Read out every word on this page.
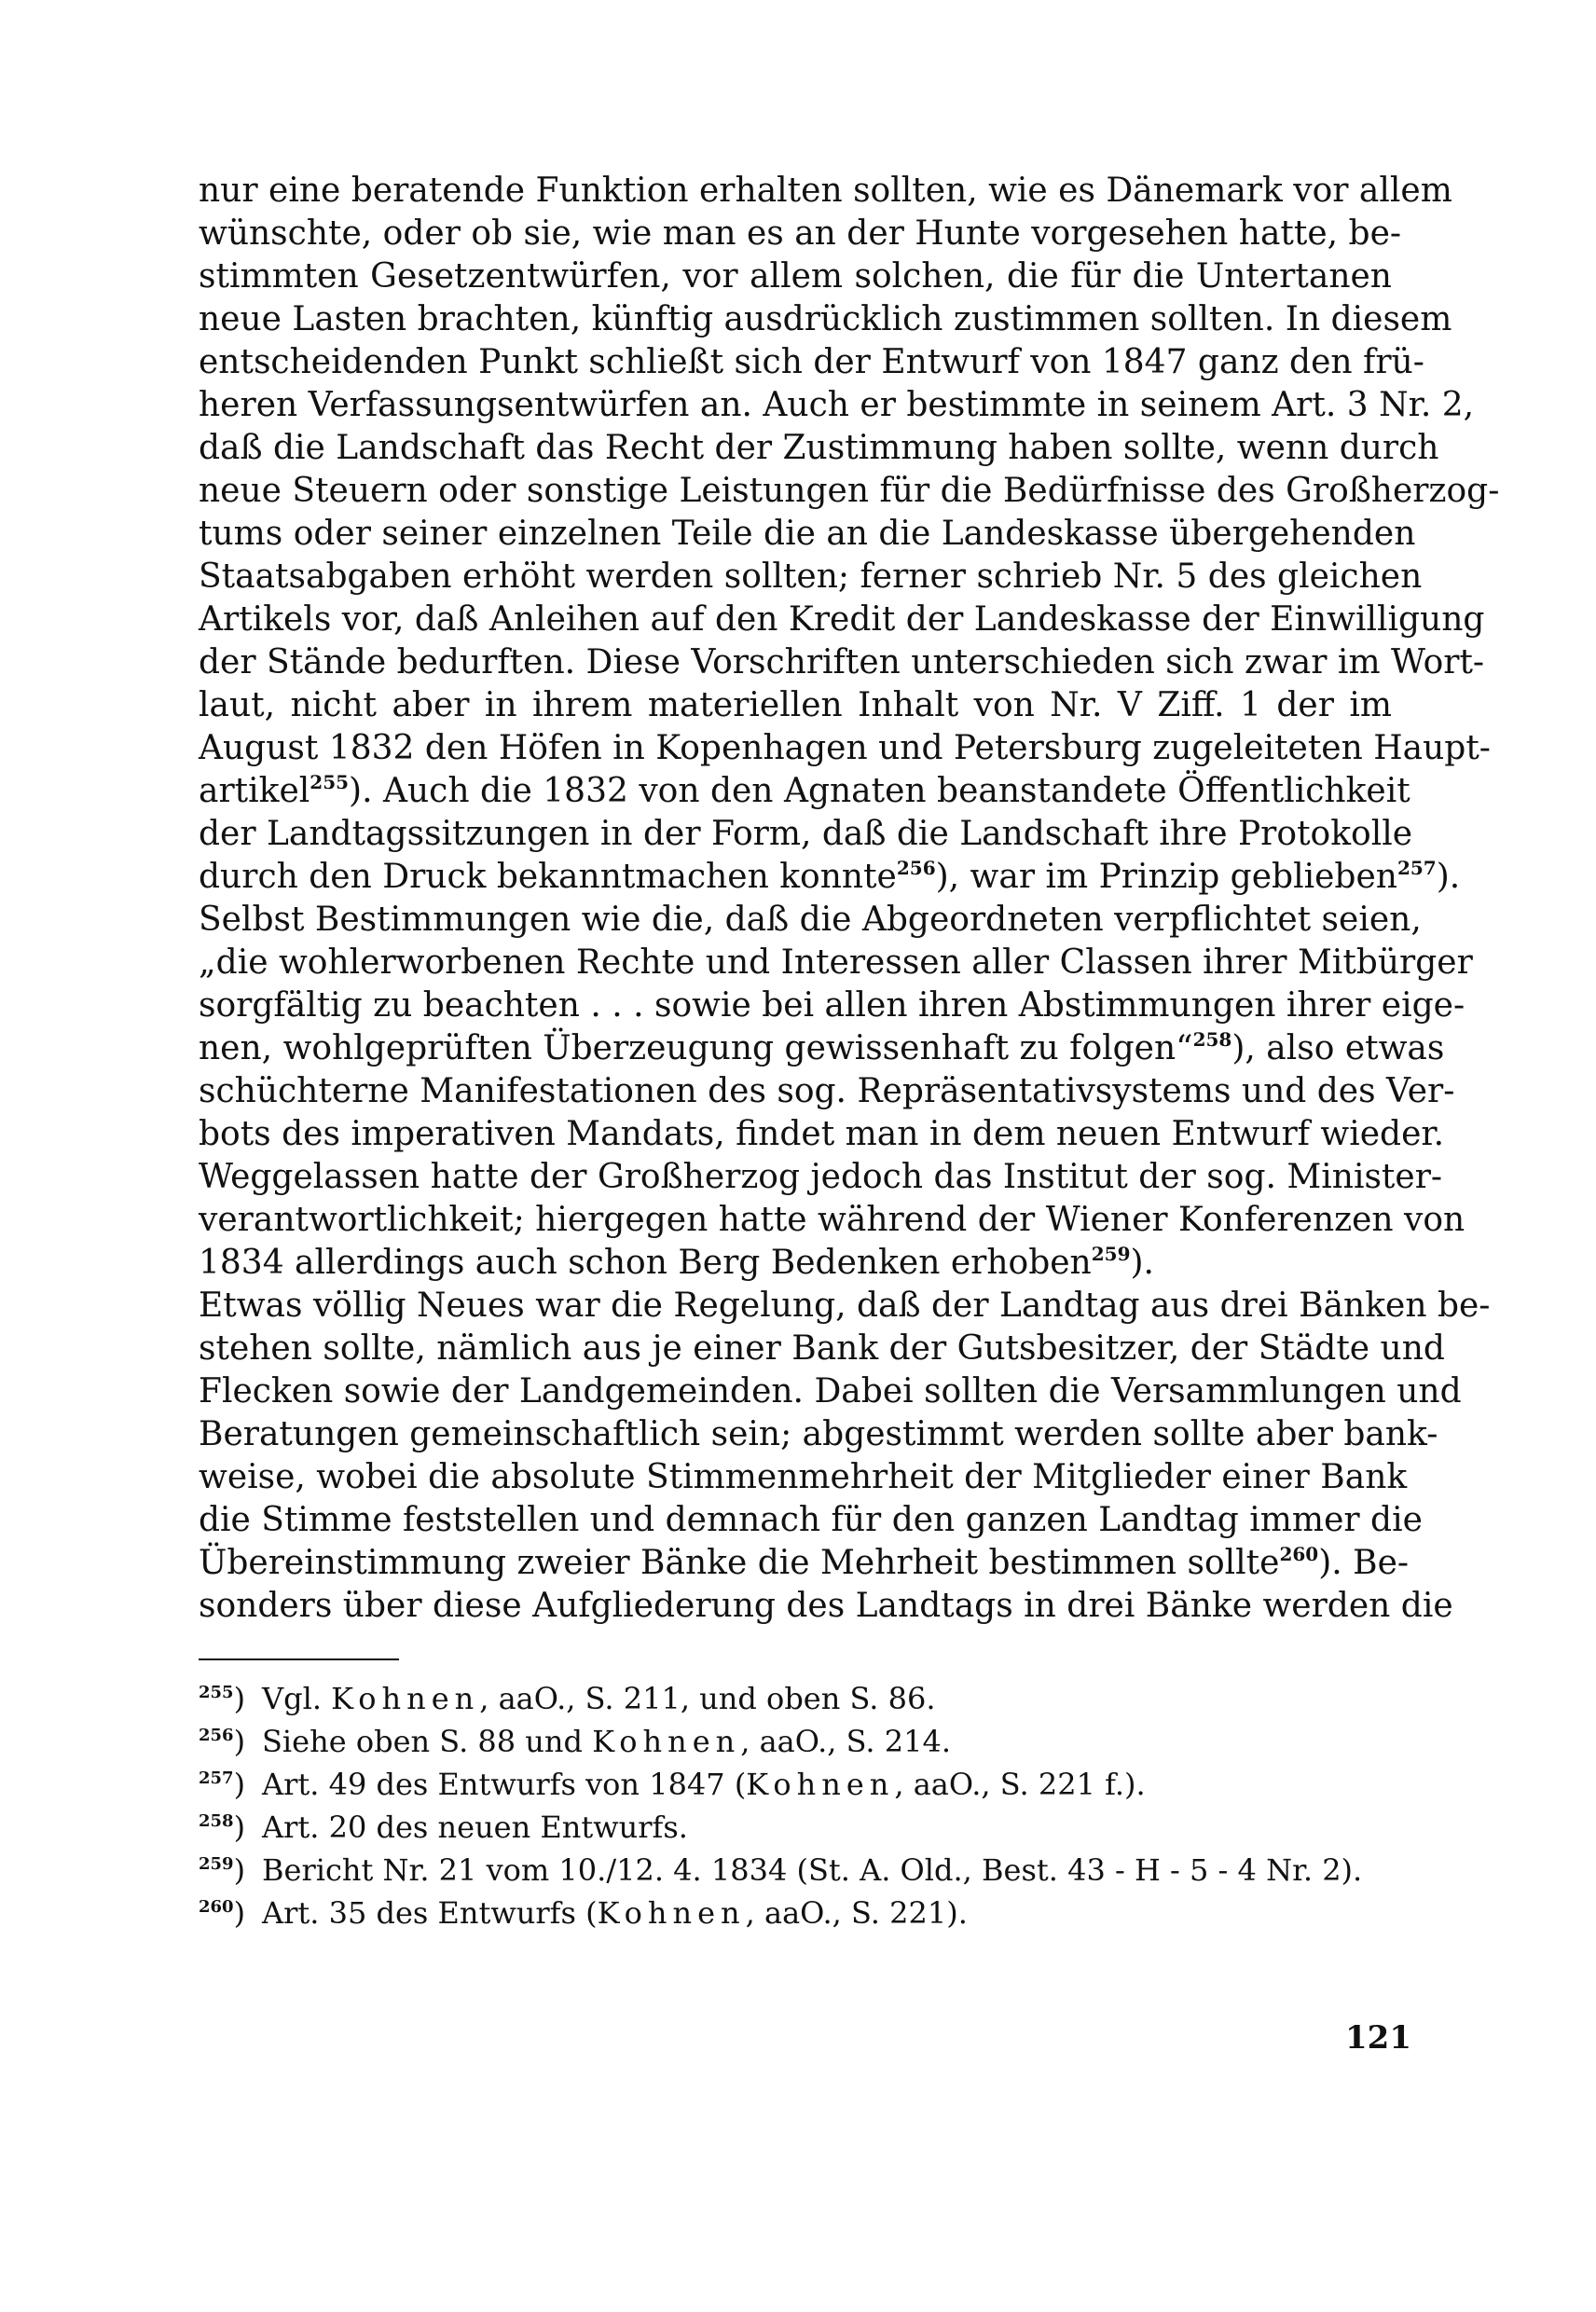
nur eine beratende Funktion erhalten sollten, wie es Dänemark vor allem
wünschte, oder ob sie, wie man es an der Hunte vorgesehen hatte, be-
stimmten Gesetzentwürfen, vor allem solchen, die für die Untertanen
neue Lasten brachten, künftig ausdrücklich zustimmen sollten. In diesem
entscheidenden Punkt schließt sich der Entwurf von 1847 ganz den frü-
heren Verfassungsentwürfen an. Auch er bestimmte in seinem Art. 3 Nr. 2,
daß die Landschaft das Recht der Zustimmung haben sollte, wenn durch
neue Steuern oder sonstige Leistungen für die Bedürfnisse des Großherzog-
tums oder seiner einzelnen Teile die an die Landeskasse übergehenden
Staatsabgaben erhöht werden sollten; ferner schrieb Nr. 5 des gleichen
Artikels vor, daß Anleihen auf den Kredit der Landeskasse der Einwilligung
der Stände bedurften. Diese Vorschriften unterschieden sich zwar im Wort-
laut, nicht aber in ihrem materiellen Inhalt von Nr. V Ziff. 1 der im
August 1832 den Höfen in Kopenhagen und Petersburg zugeleiteten Haupt-
artikel$^{255}$). Auch die 1832 von den Agnaten beanstandete Öffentlichkeit
der Landtagssitzungen in der Form, daß die Landschaft ihre Protokolle
durch den Druck bekanntmachen konnte$^{256}$), war im Prinzip geblieben$^{257}$).
Selbst Bestimmungen wie die, daß die Abgeordneten verpflichtet seien,
„die wohlerworbenen Rechte und Interessen aller Classen ihrer Mitbürger
sorgfältig zu beachten . . . sowie bei allen ihren Abstimmungen ihrer eige-
nen, wohlgeprüften Überzeugung gewissenhaft zu folgen“$^{258}$), also etwas
schüchterne Manifestationen des sog. Repräsentativsystems und des Ver-
bots des imperativen Mandats, findet man in dem neuen Entwurf wieder.
Weggelassen hatte der Großherzog jedoch das Institut der sog. Minister-
verantwortlichkeit; hiergegen hatte während der Wiener Konferenzen von
1834 allerdings auch schon Berg Bedenken erhoben$^{259}$).
Etwas völlig Neues war die Regelung, daß der Landtag aus drei Bänken be-
stehen sollte, nämlich aus je einer Bank der Gutsbesitzer, der Städte und
Flecken sowie der Landgemeinden. Dabei sollten die Versammlungen und
Beratungen gemeinschaftlich sein; abgestimmt werden sollte aber bank-
weise, wobei die absolute Stimmenmehrheit der Mitglieder einer Bank
die Stimme feststellen und demnach für den ganzen Landtag immer die
Übereinstimmung zweier Bänke die Mehrheit bestimmen sollte$^{260}$). Be-
sonders über diese Aufgliederung des Landtags in drei Bänke werden die
$^{255}$) Vgl. Kohnen, aaO., S. 211, und oben S. 86.
$^{256}$) Siehe oben S. 88 und Kohnen, aaO., S. 214.
$^{257}$) Art. 49 des Entwurfs von 1847 (Kohnen, aaO., S. 221 f.).
$^{258}$) Art. 20 des neuen Entwurfs.
$^{259}$) Bericht Nr. 21 vom 10./12. 4. 1834 (St. A. Old., Best. 43 - H - 5 - 4 Nr. 2).
$^{260}$) Art. 35 des Entwurfs (Kohnen, aaO., S. 221).
121
